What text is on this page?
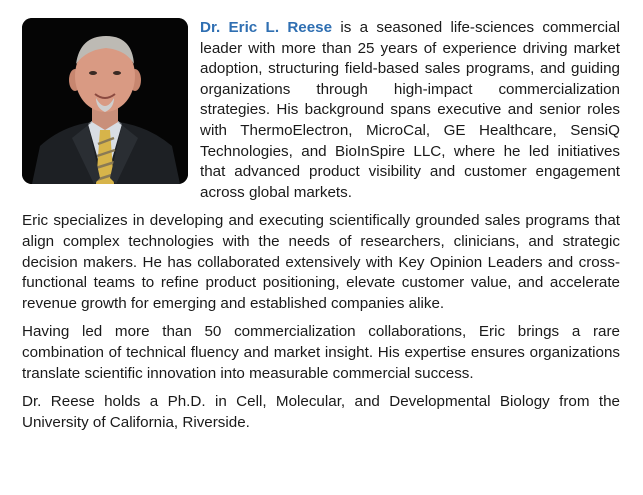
Dr. Eric L. Reese is a seasoned life-sciences commercial leader with more than 25 years of experience driving market adoption, structuring field-based sales programs, and guiding organizations through high-impact commercialization strategies. His background spans executive and senior roles with ThermoElectron, MicroCal, GE Healthcare, SensiQ Technologies, and BioInSpire LLC, where he led initiatives that advanced product visibility and customer engagement across global markets.

Eric specializes in developing and executing scientifically grounded sales programs that align complex technologies with the needs of researchers, clinicians, and strategic decision makers. He has collaborated extensively with Key Opinion Leaders and cross-functional teams to refine product positioning, elevate customer value, and accelerate revenue growth for emerging and established companies alike.

Having led more than 50 commercialization collaborations, Eric brings a rare combination of technical fluency and market insight. His expertise ensures organizations translate scientific innovation into measurable commercial success.

Dr. Reese holds a Ph.D. in Cell, Molecular, and Developmental Biology from the University of California, Riverside.
